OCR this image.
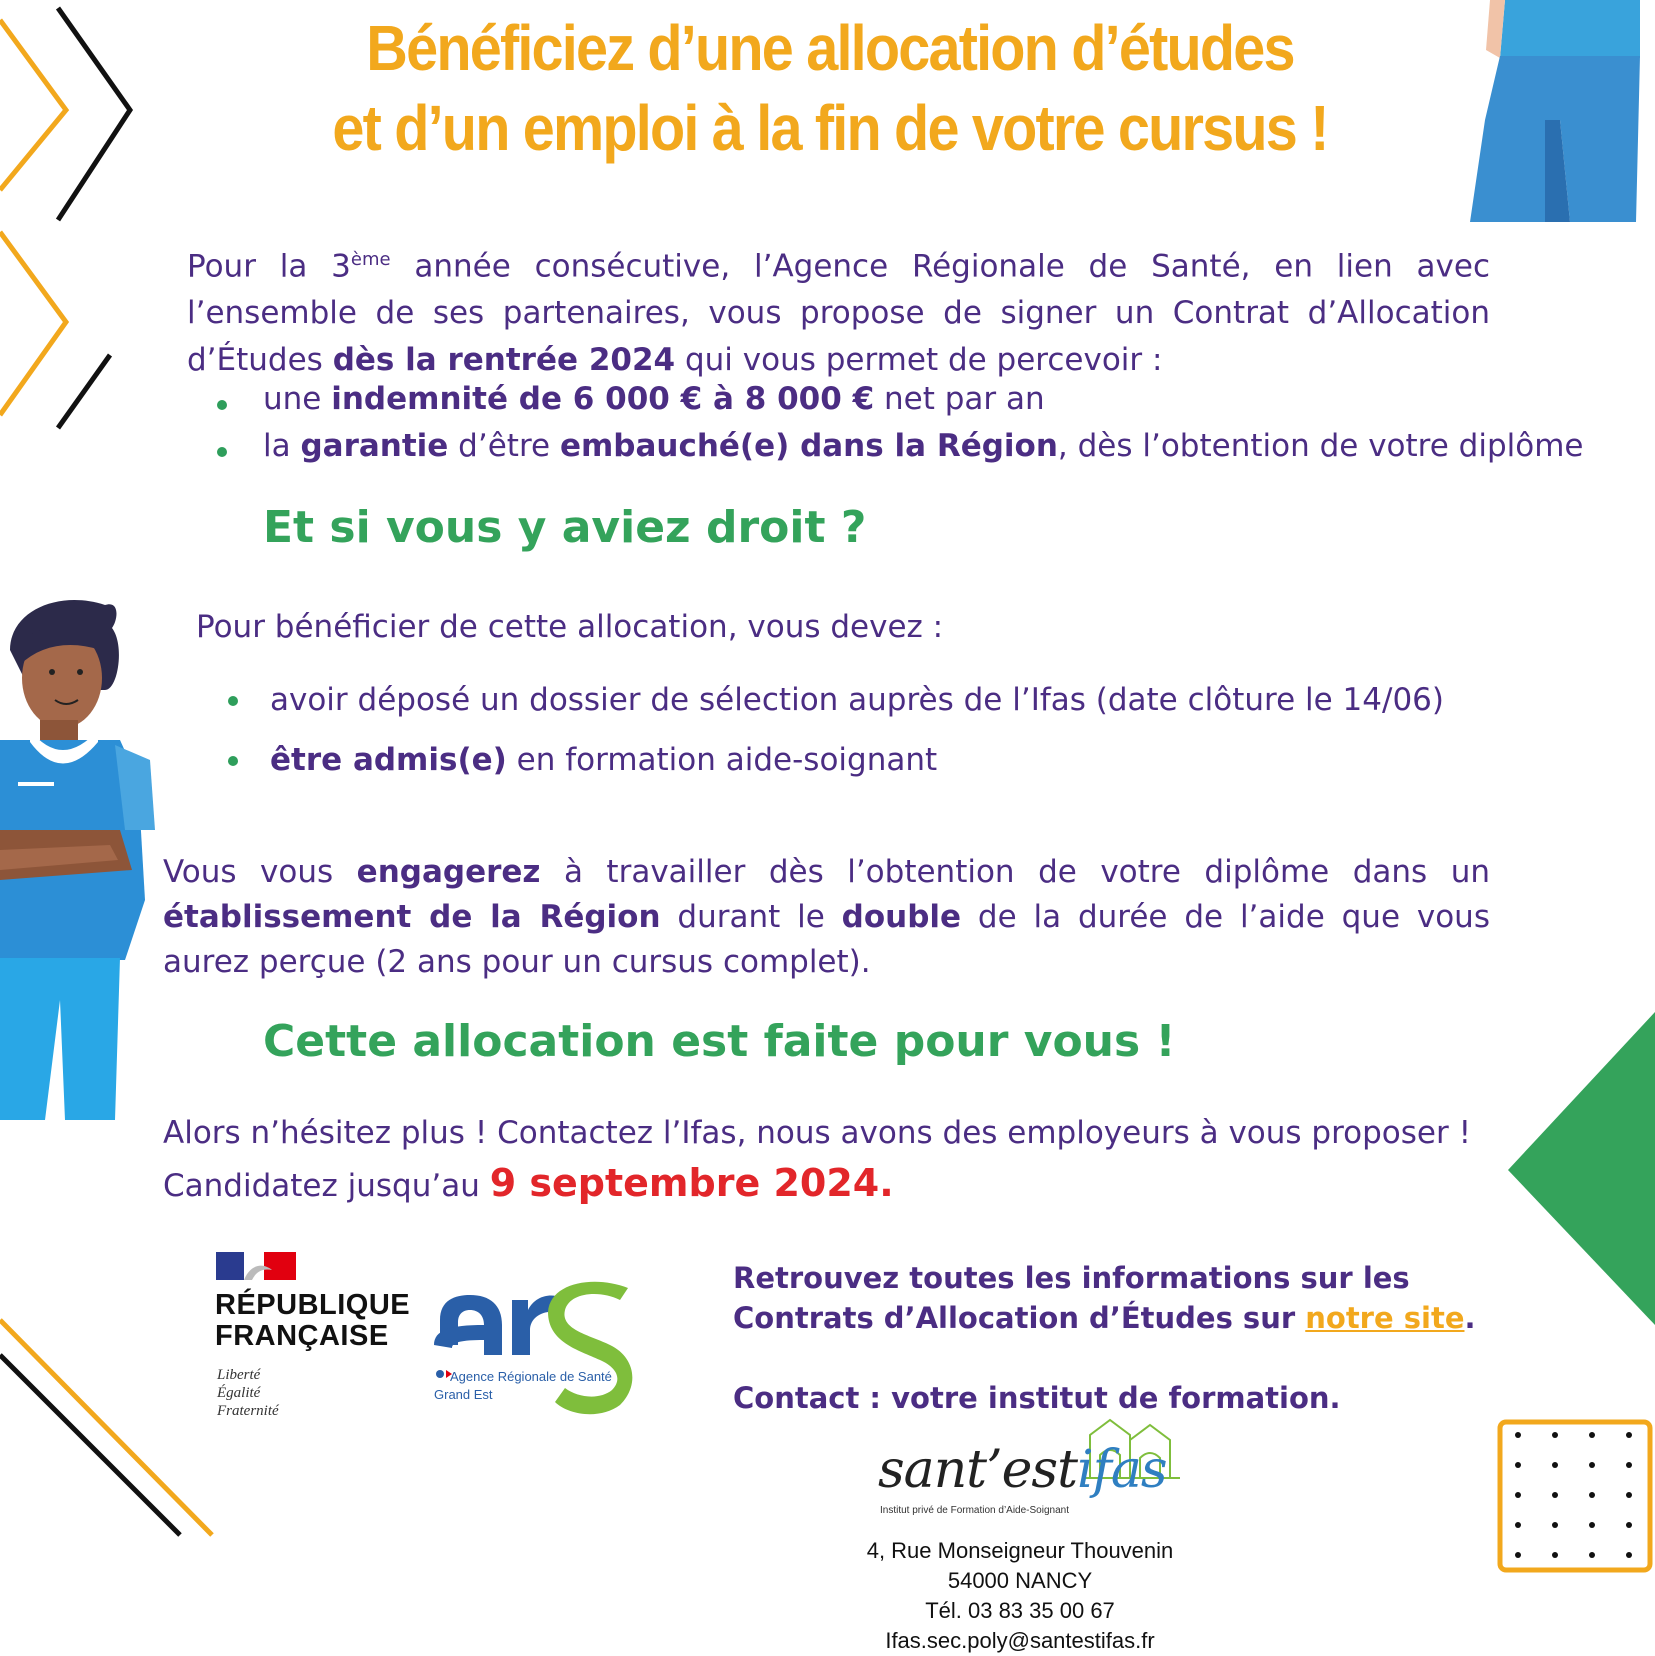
Bénéficiez d’une allocation d’études
et d’un emploi à la fin de votre cursus !
Pour la 3ème année consécutive, l’Agence Régionale de Santé, en lien avec l’ensemble de ses partenaires, vous propose de signer un Contrat d’Allocation d’Études dès la rentrée 2024 qui vous permet de percevoir :
une indemnité de 6 000 € à 8 000 € net par an
la garantie d’être embauché(e) dans la Région, dès l’obtention de votre diplôme
Et si vous y aviez droit ?
Pour bénéficier de cette allocation, vous devez :
avoir déposé un dossier de sélection auprès de l’Ifas (date clôture le 14/06)
être admis(e) en formation aide-soignant
Vous vous engagerez à travailler dès l’obtention de votre diplôme dans un établissement de la Région durant le double de la durée de l’aide que vous aurez perçue (2 ans pour un cursus complet).
Cette allocation est faite pour vous !
Alors n’hésitez plus ! Contactez l’Ifas, nous avons des employeurs à vous proposer !
Candidatez jusqu’au 9 septembre 2024.
RÉPUBLIQUE
FRANÇAISE
Liberté
Égalité
Fraternité
Agence Régionale de Santé
Grand Est
Retrouvez toutes les informations sur les
Contrats d’Allocation d’Études sur notre site.
Contact : votre institut de formation.
sant’estifas
Institut privé de Formation d’Aide-Soignant
4, Rue Monseigneur Thouvenin
54000 NANCY
Tél. 03 83 35 00 67
Ifas.sec.poly@santestifas.fr
